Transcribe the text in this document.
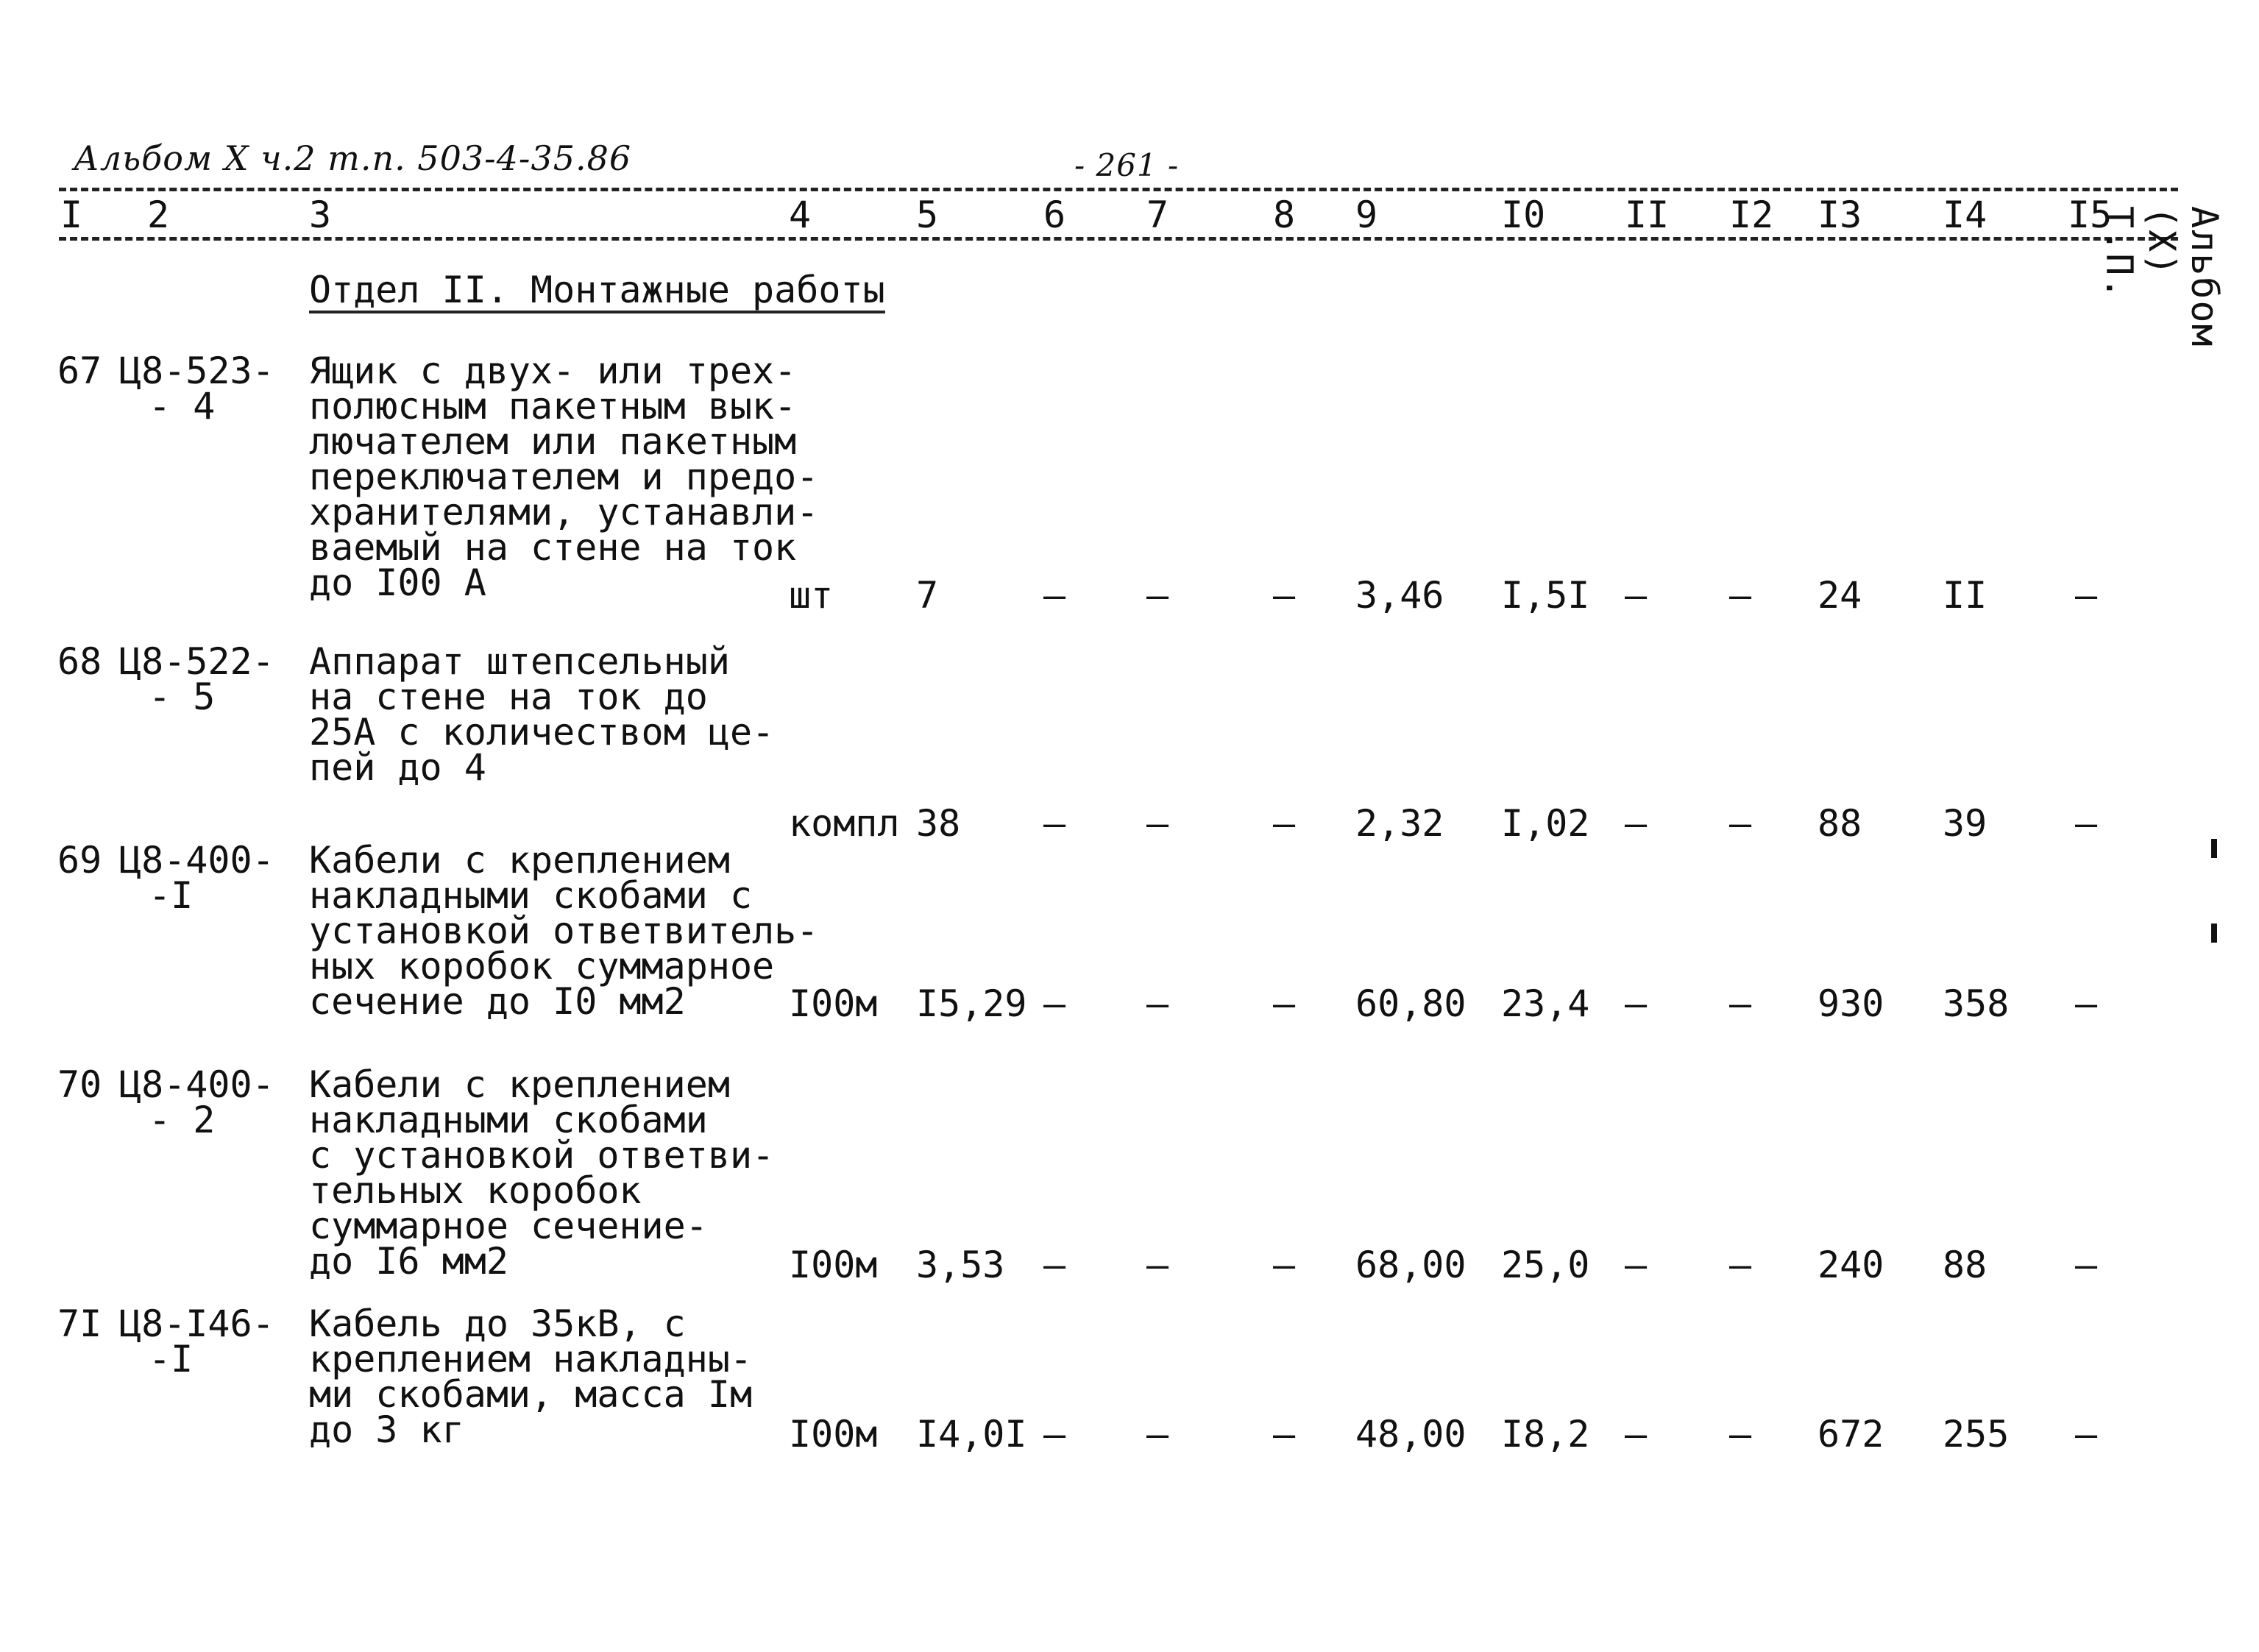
Альбом X ч.2 т.п. 503-4-35.86	- 261 -
I 2	3	4	5	6 7	8 9	I0 II I2 I3 I4 I5
Отдел II. Монтажные работы	Альбом (X) Т.П.
67 Ц8-523-
- 4
Ящик с двух- или трех-
полюсным пакетным вык-
лючателем или пакетным
переключателем и предо-
хранителями, устанавли-
ваемый на стене на ток
до I00 А	шт 7	– –	– 3,46 I,5I – – 24 II –
68 Ц8-522-
- 5
Аппарат штепсельный
на стене на ток до
25А с количеством це-
пей до 4
компл 38 – –	– 2,32 I,02 – – 88 39 –
69 Ц8-400-
-I
Кабели с креплением
накладными скобами с
установкой ответвитель-
ных коробок суммарное
сечение до I0 мм2	I00м I5,29 – –	– 60,80 23,4 – – 930 358 –
70 Ц8-400-
- 2
Кабели с креплением
накладными скобами
с установкой ответви-
тельных коробок
суммарное сечение-
до I6 мм2	I00м 3,53 – –	– 68,00 25,0 – – 240 88 –
7I Ц8-I46-
-I
Кабель до 35кВ, с
креплением накладны-
ми скобами, масса Iм
до 3 кг	I00м I4,0I – –	– 48,00 I8,2 – – 672 255 –
